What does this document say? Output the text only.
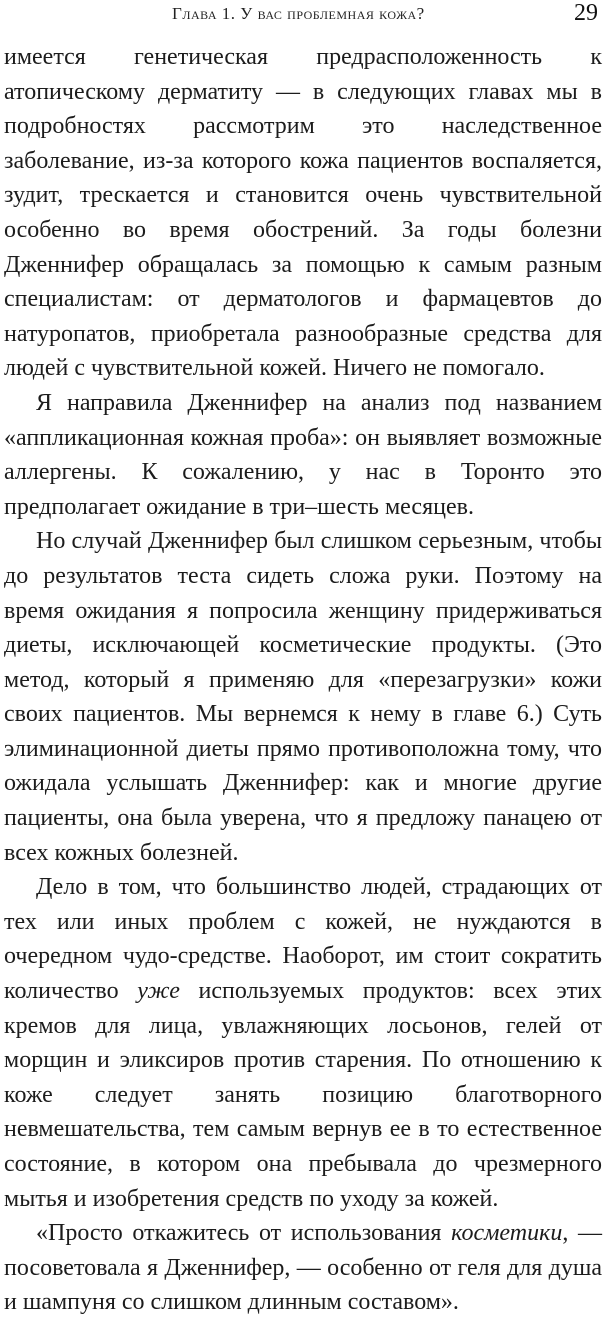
Глава 1. У вас проблемная кожа?	29

имеется генетическая предрасположенность к атопическому дерматиту — в следующих главах мы в подробностях рассмотрим это наследственное заболевание, из-за которого кожа пациентов воспаляется, зудит, трескается и становится очень чувствительной особенно во время обострений. За годы болезни Дженнифер обращалась за помощью к самым разным специалистам: от дерматологов и фармацевтов до натуропатов, приобретала разнообразные средства для людей с чувствительной кожей. Ничего не помогало.

Я направила Дженнифер на анализ под названием «аппликационная кожная проба»: он выявляет возможные аллергены. К сожалению, у нас в Торонто это предполагает ожидание в три–шесть месяцев.

Но случай Дженнифер был слишком серьезным, чтобы до результатов теста сидеть сложа руки. Поэтому на время ожидания я попросила женщину придерживаться диеты, исключающей косметические продукты. (Это метод, который я применяю для «перезагрузки» кожи своих пациентов. Мы вернемся к нему в главе 6.) Суть элиминационной диеты прямо противоположна тому, что ожидала услышать Дженнифер: как и многие другие пациенты, она была уверена, что я предложу панацею от всех кожных болезней.

Дело в том, что большинство людей, страдающих от тех или иных проблем с кожей, не нуждаются в очередном чудо-средстве. Наоборот, им стоит сократить количество уже используемых продуктов: всех этих кремов для лица, увлажняющих лосьонов, гелей от морщин и эликсиров против старения. По отношению к коже следует занять позицию благотворного невмешательства, тем самым вернув ее в то естественное состояние, в котором она пребывала до чрезмерного мытья и изобретения средств по уходу за кожей.

«Просто откажитесь от использования косметики, — посоветовала я Дженнифер, — особенно от геля для душа и шампуня со слишком длинным составом».
